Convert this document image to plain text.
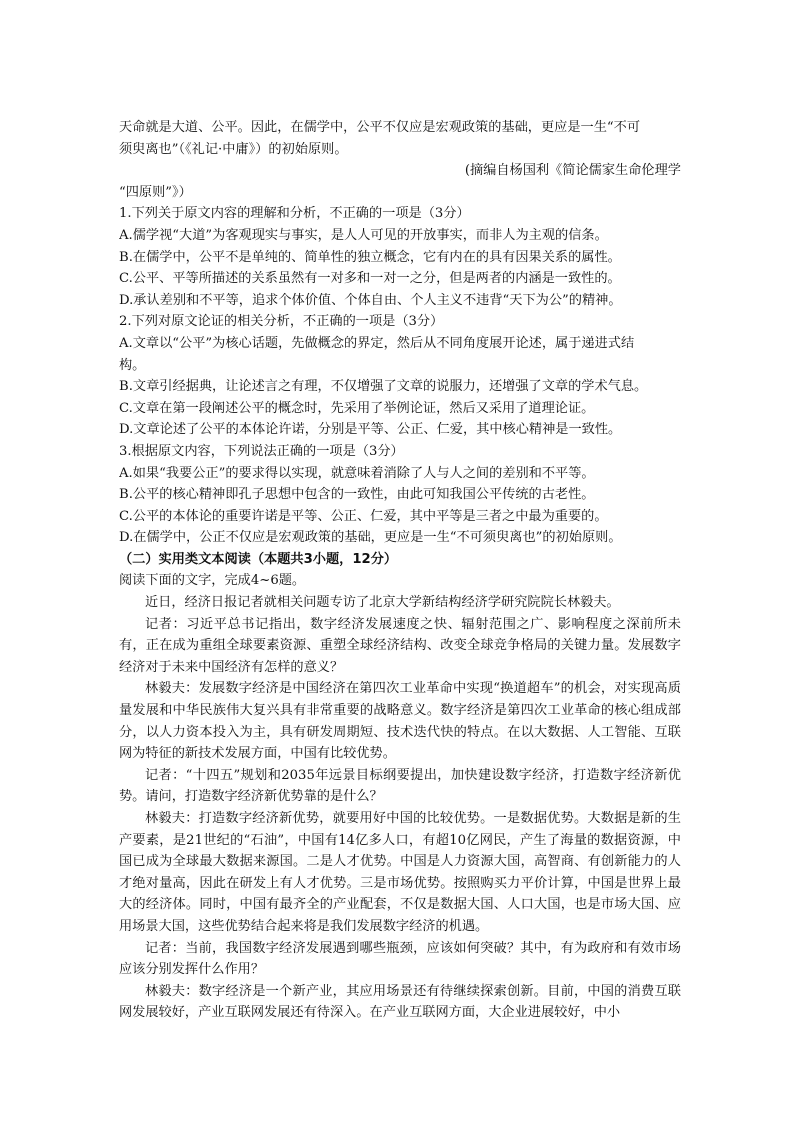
天命就是大道、公平。因此，在儒学中，公平不仅应是宏观政策的基础，更应是一生“不可

须臾离也”（《礼记·中庸》）的初始原则。

(摘编自杨国利《简论儒家生命伦理学

“四原则”》）

1.下列关于原文内容的理解和分析，不正确的一项是（3分）

A.儒学视“大道”为客观现实与事实，是人人可见的开放事实，而非人为主观的信条。

B.在儒学中，公平不是单纯的、简单性的独立概念，它有内在的具有因果关系的属性。

C.公平、平等所描述的关系虽然有一对多和一对一之分，但是两者的内涵是一致性的。

D.承认差别和不平等，追求个体价值、个体自由、个人主义不违背“天下为公”的精神。

2.下列对原文论证的相关分析，不正确的一项是（3分）

A.文章以“公平”为核心话题，先做概念的界定，然后从不同角度展开论述，属于递进式结

构。

B.文章引经据典，让论述言之有理，不仅增强了文章的说服力，还增强了文章的学术气息。

C.文章在第一段阐述公平的概念时，先采用了举例论证，然后又采用了道理论证。

D.文章论述了公平的本体论许诺，分别是平等、公正、仁爱，其中核心精神是一致性。

3.根据原文内容，下列说法正确的一项是（3分）

A.如果“我要公正”的要求得以实现，就意味着消除了人与人之间的差别和不平等。

B.公平的核心精神即孔子思想中包含的一致性，由此可知我国公平传统的古老性。

C.公平的本体论的重要许诺是平等、公正、仁爱，其中平等是三者之中最为重要的。

D.在儒学中，公正不仅应是宏观政策的基础，更应是一生“不可须臾离也”的初始原则。

（二）实用类文本阅读（本题共3小题，12分）

阅读下面的文字，完成4~6题。

近日，经济日报记者就相关问题专访了北京大学新结构经济学研究院院长林毅夫。

记者：习近平总书记指出，数字经济发展速度之快、辐射范围之广、影响程度之深前所未有，正在成为重组全球要素资源、重塑全球经济结构、改变全球竞争格局的关键力量。发展数字经济对于未来中国经济有怎样的意义？

林毅夫：发展数字经济是中国经济在第四次工业革命中实现“换道超车”的机会，对实现高质量发展和中华民族伟大复兴具有非常重要的战略意义。数字经济是第四次工业革命的核心组成部分，以人力资本投入为主，具有研发周期短、技术迭代快的特点。在以大数据、人工智能、互联网为特征的新技术发展方面，中国有比较优势。

记者：“十四五”规划和2035年远景目标纲要提出，加快建设数字经济，打造数字经济新优势。请问，打造数字经济新优势靠的是什么？

林毅夫：打造数字经济新优势，就要用好中国的比较优势。一是数据优势。大数据是新的生产要素，是21世纪的“石油”，中国有14亿多人口，有超10亿网民，产生了海量的数据资源，中国已成为全球最大数据来源国。二是人才优势。中国是人力资源大国，高智商、有创新能力的人才绝对量高，因此在研发上有人才优势。三是市场优势。按照购买力平价计算，中国是世界上最大的经济体。同时，中国有最齐全的产业配套，不仅是数据大国、人口大国，也是市场大国、应用场景大国，这些优势结合起来将是我们发展数字经济的机遇。

记者：当前，我国数字经济发展遇到哪些瓶颈，应该如何突破？其中，有为政府和有效市场应该分别发挥什么作用？

林毅夫：数字经济是一个新产业，其应用场景还有待继续探索创新。目前，中国的消费互联网发展较好，产业互联网发展还有待深入。在产业互联网方面，大企业进展较好，中小
